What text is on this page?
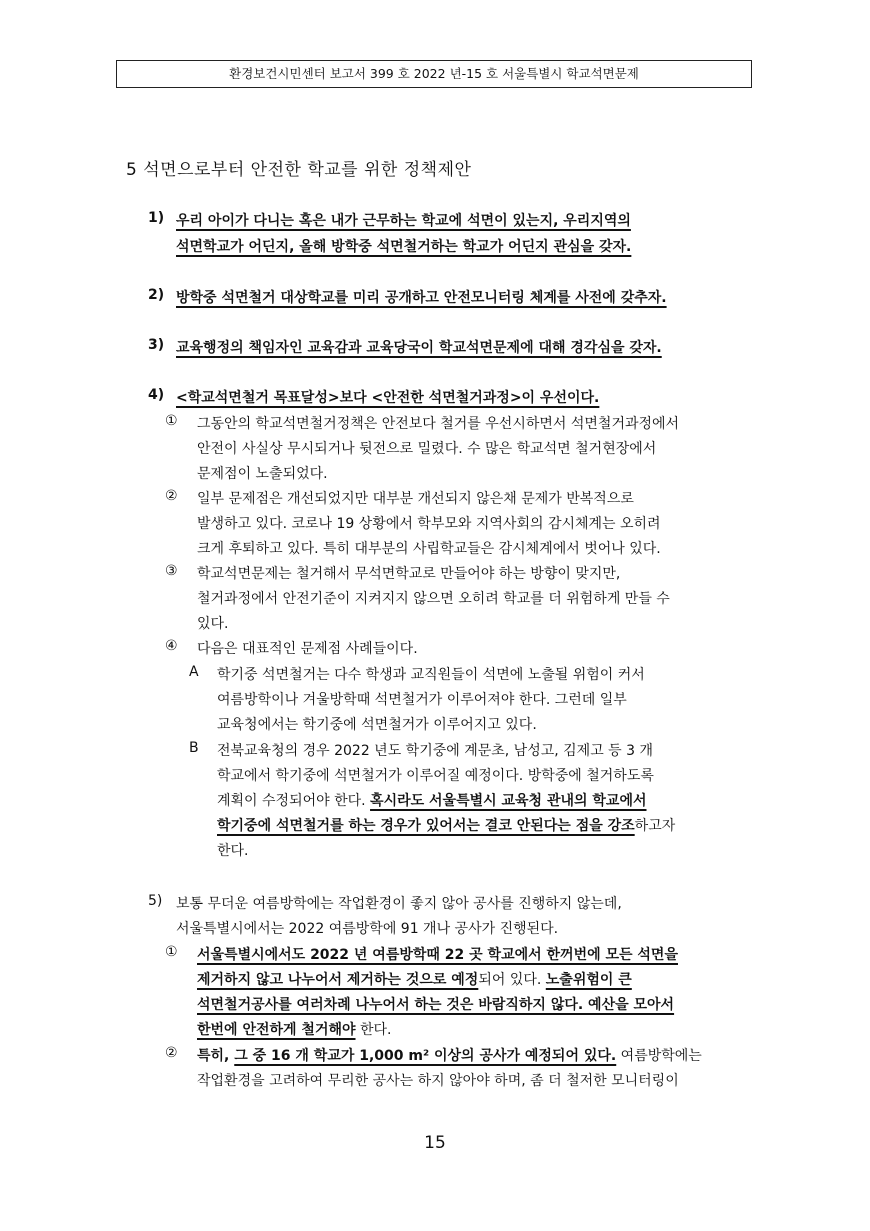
환경보건시민센터 보고서 399 호 2022 년-15 호 서울특별시 학교석면문제
5 석면으로부터 안전한 학교를 위한 정책제안
1) 우리 아이가 다니는 혹은 내가 근무하는 학교에 석면이 있는지, 우리지역의
석면학교가 어딘지, 올해 방학중 석면철거하는 학교가 어딘지 관심을 갖자.
2) 방학중 석면철거 대상학교를 미리 공개하고 안전모니터링 체계를 사전에 갖추자.
3) 교육행정의 책임자인 교육감과 교육당국이 학교석면문제에 대해 경각심을 갖자.
4) <학교석면철거 목표달성>보다 <안전한 석면철거과정>이 우선이다.
① 그동안의 학교석면철거정책은 안전보다 철거를 우선시하면서 석면철거과정에서
안전이 사실상 무시되거나 뒷전으로 밀렸다. 수 많은 학교석면 철거현장에서
문제점이 노출되었다.
② 일부 문제점은 개선되었지만 대부분 개선되지 않은채 문제가 반복적으로
발생하고 있다. 코로나 19 상황에서 학부모와 지역사회의 감시체계는 오히려
크게 후퇴하고 있다. 특히 대부분의 사립학교들은 감시체계에서 벗어나 있다.
③ 학교석면문제는 철거해서 무석면학교로 만들어야 하는 방향이 맞지만,
철거과정에서 안전기준이 지켜지지 않으면 오히려 학교를 더 위험하게 만들 수
있다.
④ 다음은 대표적인 문제점 사례들이다.
A 학기중 석면철거는 다수 학생과 교직원들이 석면에 노출될 위험이 커서
여름방학이나 겨울방학때 석면철거가 이루어져야 한다. 그런데 일부
교육청에서는 학기중에 석면철거가 이루어지고 있다.
B 전북교육청의 경우 2022 년도 학기중에 계문초, 남성고, 김제고 등 3 개
학교에서 학기중에 석면철거가 이루어질 예정이다. 방학중에 철거하도록
계획이 수정되어야 한다. 혹시라도 서울특별시 교육청 관내의 학교에서
학기중에 석면철거를 하는 경우가 있어서는 결코 안된다는 점을 강조하고자
한다.
5) 보통 무더운 여름방학에는 작업환경이 좋지 않아 공사를 진행하지 않는데,
서울특별시에서는 2022 여름방학에 91 개나 공사가 진행된다.
① 서울특별시에서도 2022 년 여름방학때 22 곳 학교에서 한꺼번에 모든 석면을
제거하지 않고 나누어서 제거하는 것으로 예정되어 있다. 노출위험이 큰
석면철거공사를 여러차례 나누어서 하는 것은 바람직하지 않다. 예산을 모아서
한번에 안전하게 철거해야 한다.
② 특히, 그 중 16 개 학교가 1,000 m² 이상의 공사가 예정되어 있다. 여름방학에는
작업환경을 고려하여 무리한 공사는 하지 않아야 하며, 좀 더 철저한 모니터링이
15
